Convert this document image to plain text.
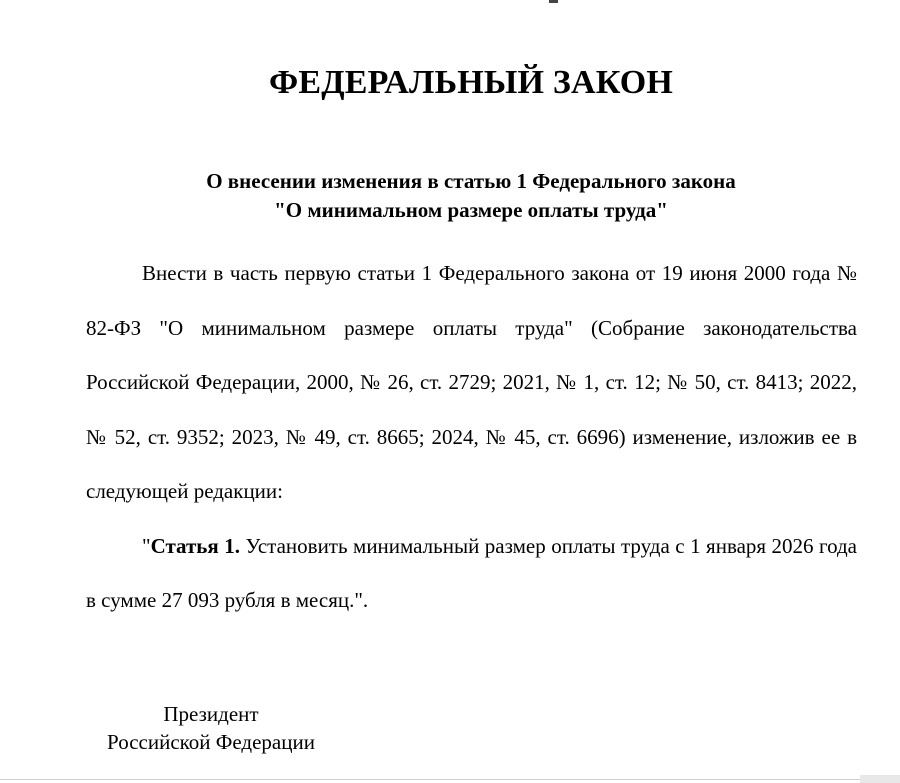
ФЕДЕРАЛЬНЫЙ ЗАКОН
О внесении изменения в статью 1 Федерального закона
"О минимальном размере оплаты труда"

Внести в часть первую статьи 1 Федерального закона от 19 июня 2000 года № 82-ФЗ "О минимальном размере оплаты труда" (Собрание законодательства Российской Федерации, 2000, № 26, ст. 2729; 2021, № 1, ст. 12; № 50, ст. 8413; 2022, № 52, ст. 9352; 2023, № 49, ст. 8665; 2024, № 45, ст. 6696) изменение, изложив ее в следующей редакции:

"Статья 1. Установить минимальный размер оплаты труда с 1 января 2026 года в сумме 27 093 рубля в месяц.".

Президент
Российской Федерации
